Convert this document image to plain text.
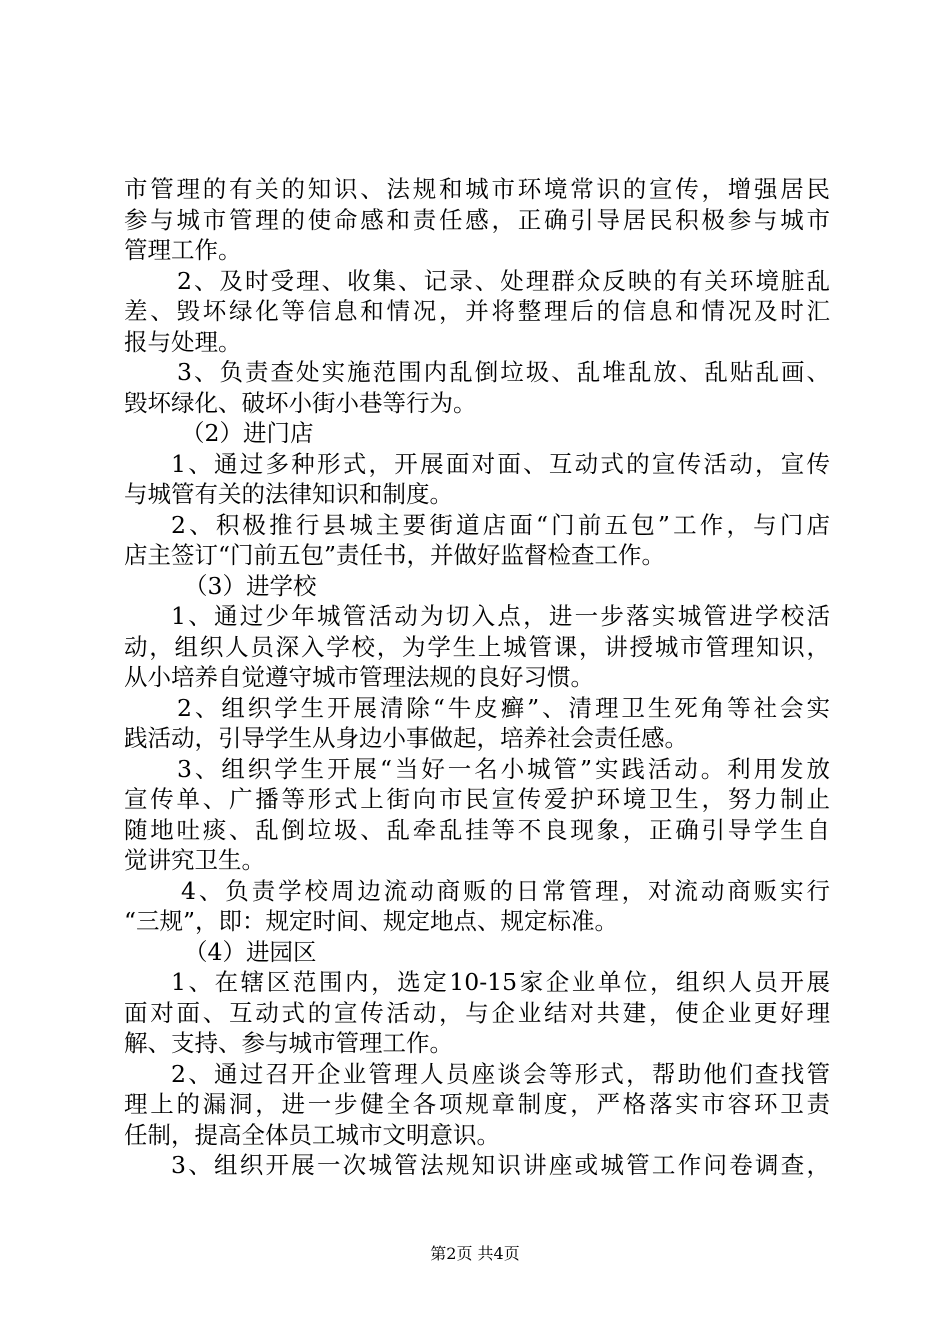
市管理的有关的知识、法规和城市环境常识的宣传，增强居民
参与城市管理的使命感和责任感，正确引导居民积极参与城市
管理工作。
2、及时受理、收集、记录、处理群众反映的有关环境脏乱
差、毁坏绿化等信息和情况，并将整理后的信息和情况及时汇
报与处理。
3、负责查处实施范围内乱倒垃圾、乱堆乱放、乱贴乱画、
毁坏绿化、破坏小街小巷等行为。
（2）进门店
1、通过多种形式，开展面对面、互动式的宣传活动，宣传
与城管有关的法律知识和制度。
2、积极推行县城主要街道店面“门前五包”工作，与门店
店主签订“门前五包”责任书，并做好监督检查工作。
（3）进学校
1、通过少年城管活动为切入点，进一步落实城管进学校活
动，组织人员深入学校，为学生上城管课，讲授城市管理知识，
从小培养自觉遵守城市管理法规的良好习惯。
2、组织学生开展清除“牛皮癣”、清理卫生死角等社会实
践活动，引导学生从身边小事做起，培养社会责任感。
3、组织学生开展“当好一名小城管”实践活动。利用发放
宣传单、广播等形式上街向市民宣传爱护环境卫生，努力制止
随地吐痰、乱倒垃圾、乱牵乱挂等不良现象，正确引导学生自
觉讲究卫生。
4、负责学校周边流动商贩的日常管理，对流动商贩实行
“三规”，即：规定时间、规定地点、规定标准。
（4）进园区
1、在辖区范围内，选定10-15家企业单位，组织人员开展
面对面、互动式的宣传活动，与企业结对共建，使企业更好理
解、支持、参与城市管理工作。
2、通过召开企业管理人员座谈会等形式，帮助他们查找管
理上的漏洞，进一步健全各项规章制度，严格落实市容环卫责
任制，提高全体员工城市文明意识。
3、组织开展一次城管法规知识讲座或城管工作问卷调查，
第2页 共4页
